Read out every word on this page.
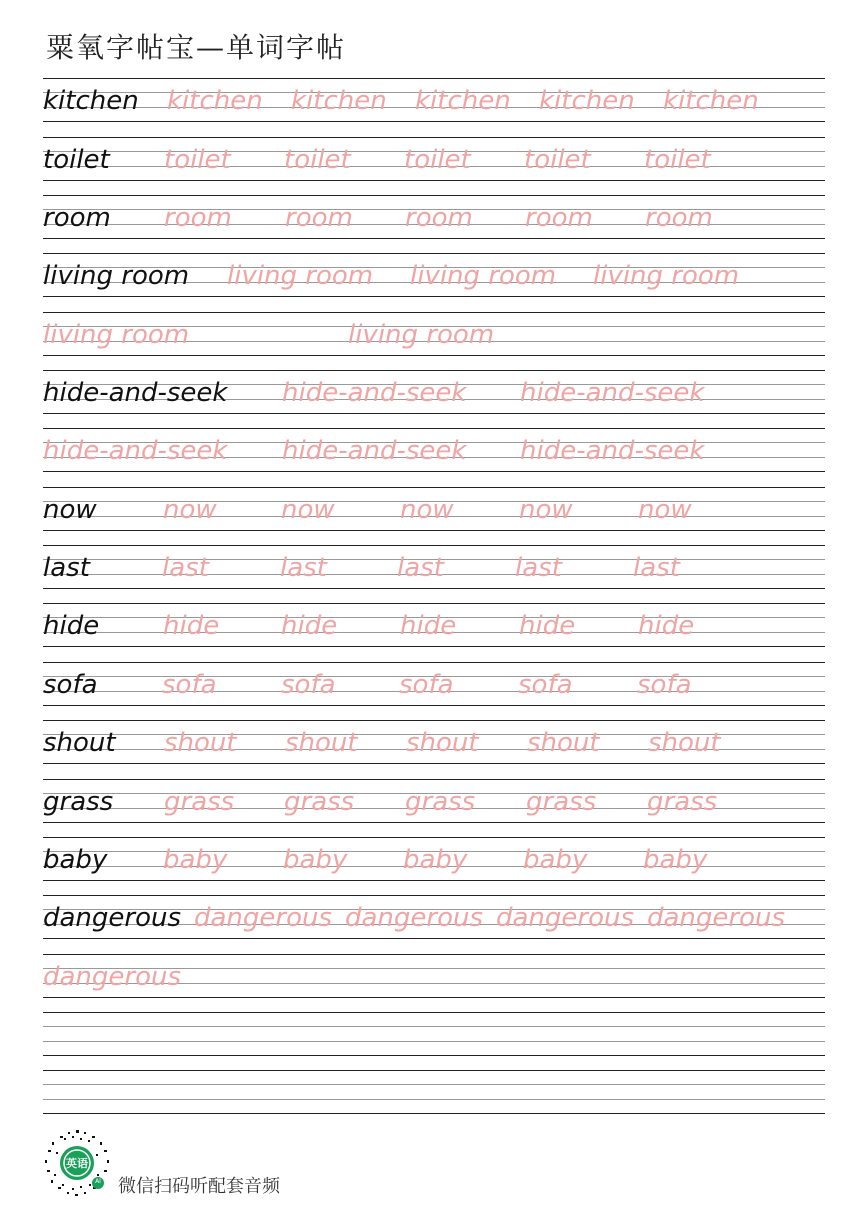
粟氧字帖宝—单词字帖
kitchen kitchen kitchen kitchen kitchen kitchen
toilet toilet toilet toilet toilet toilet
room room room room room room
living room living room living room living room
living room	living room
hide-and-seek hide-and-seek hide-and-seek
hide-and-seek hide-and-seek hide-and-seek
now	now now	now	now	now
last	last	last	last	last	last
hide hide hide hide hide hide
sofa sofa sofa sofa sofa sofa
shout shout shout shout shout shout
grass grass grass grass grass grass
baby baby baby baby baby baby
dangerous dangerous dangerous dangerous dangerous
dangerous
英语
AI 微信扫码听配套音频
